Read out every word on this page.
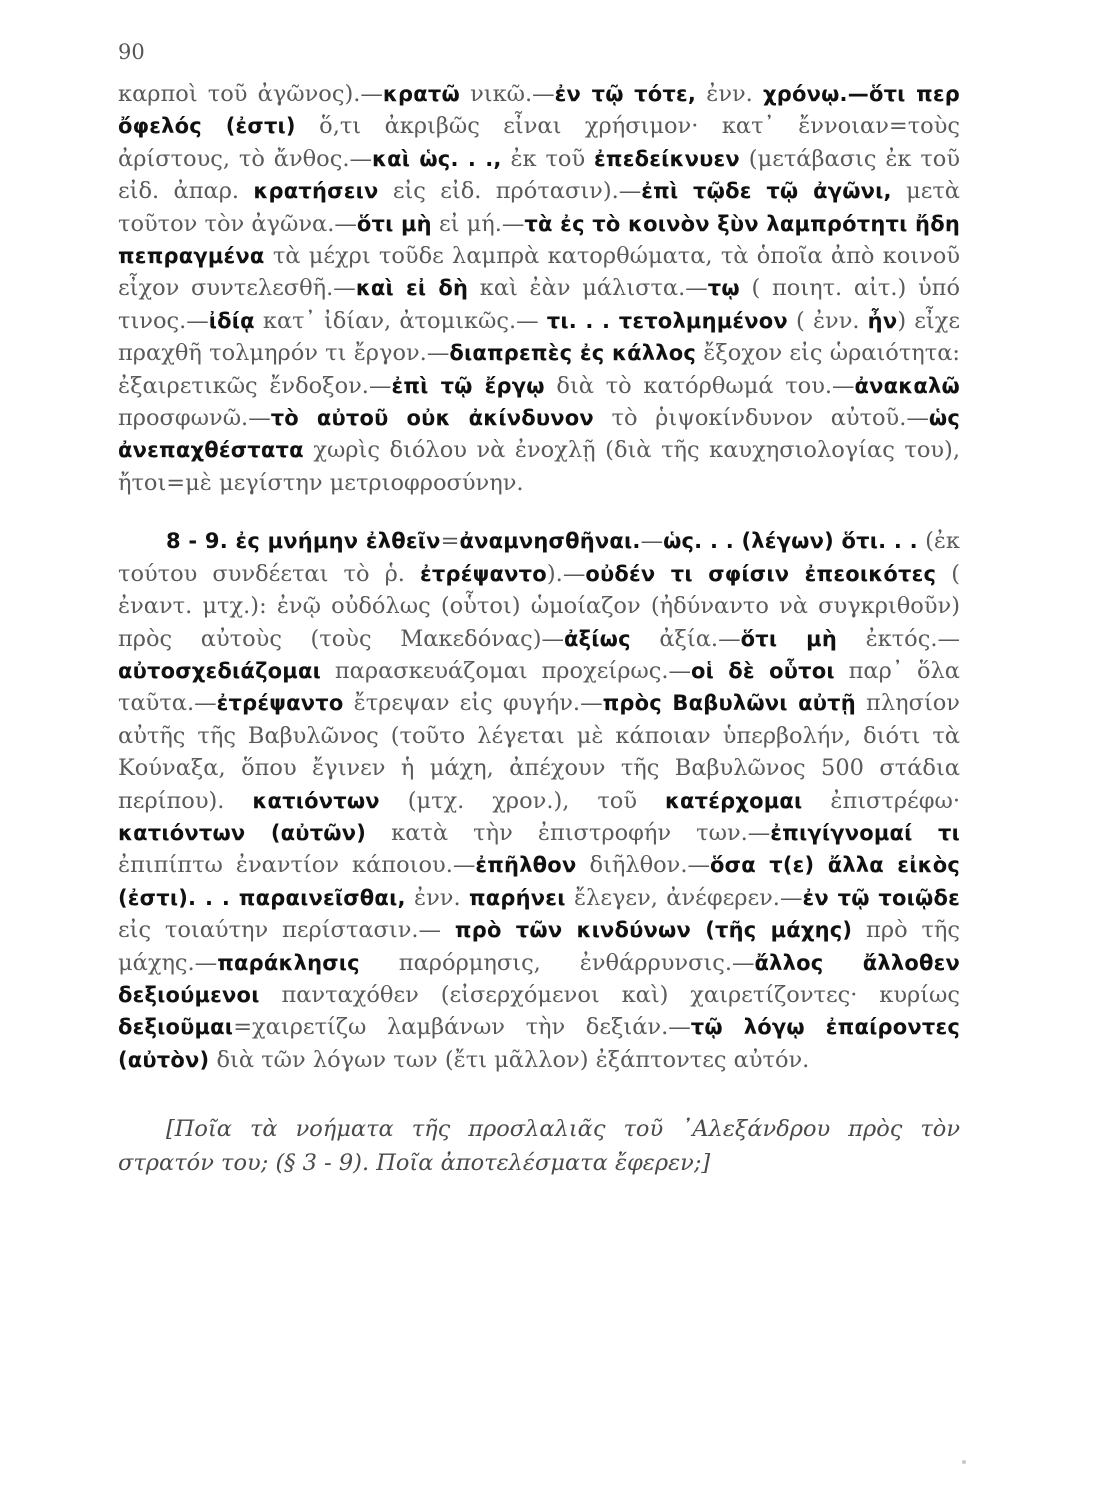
90

καρποὶ τοῦ ἀγῶνος).—κρατῶ νικῶ.—ἐν τῷ τότε, ἐνν. χρόνῳ.—ὅτι περ ὄφελός (ἐστι) ὅ,τι ἀκριβῶς εἶναι χρήσιμον· κατ᾽ ἔννοιαν=τοὺς ἀρίστους, τὸ ἄνθος.—καὶ ὡς. . ., ἐκ τοῦ ἐπεδείκνυεν (μετάβασις ἐκ τοῦ εἰδ. ἀπαρ. κρατήσειν εἰς εἰδ. πρότασιν).—ἐπὶ τῷδε τῷ ἀγῶνι, μετὰ τοῦτον τὸν ἀγῶνα.—ὅτι μὴ εἰ μή.—τὰ ἐς τὸ κοινὸν ξὺν λαμπρότητι ἤδη πεπραγμένα τὰ μέχρι τοῦδε λαμπρὰ κατορθώματα, τὰ ὁποῖα ἀπὸ κοινοῦ εἶχον συντελεσθῆ.—καὶ εἰ δὴ καὶ ἐὰν μάλιστα.—τῳ ( ποιητ. αἰτ.) ὑπό τινος.—ἰδίᾳ κατ᾽ ἰδίαν, ἀτομικῶς.— τι. . . τετολμημένον ( ἐνν. ἦν) εἶχε πραχθῆ τολμηρόν τι ἔργον.—διαπρεπὲς ἐς κάλλος ἔξοχον εἰς ὡραιότητα: ἐξαιρετικῶς ἔνδοξον.—ἐπὶ τῷ ἔργῳ διὰ τὸ κατόρθωμά του.—ἀνακαλῶ προσφωνῶ.—τὸ αὐτοῦ οὐκ ἀκίνδυνον τὸ ῥιψοκίνδυνον αὐτοῦ.—ὡς ἀνεπαχθέστατα χωρὶς διόλου νὰ ἐνοχλῇ (διὰ τῆς καυχησιολογίας του), ἤτοι=μὲ μεγίστην μετριοφροσύνην.

8 - 9. ἐς μνήμην ἐλθεῖν=ἀναμνησθῆναι.—ὡς. . . (λέγων) ὅτι. . . (ἐκ τούτου συνδέεται τὸ ῥ. ἐτρέψαντο).—οὐδέν τι σφίσιν ἐπεοικότες ( ἐναντ. μτχ.): ἐνῷ οὐδόλως (οὗτοι) ὡμοίαζον (ἠδύναντο νὰ συγκριθοῦν) πρὸς αὐτοὺς (τοὺς Μακεδόνας)—ἀξίως ἀξία.—ὅτι μὴ ἐκτός.—αὐτοσχεδιάζομαι παρασκευάζομαι προχείρως.—οἱ δὲ οὗτοι παρ᾽ ὅλα ταῦτα.—ἐτρέψαντο ἔτρεψαν εἰς φυγήν.—πρὸς Βαβυλῶνι αὐτῇ πλησίον αὐτῆς τῆς Βαβυλῶνος (τοῦτο λέγεται μὲ κάποιαν ὑπερβολήν, διότι τὰ Κούναξα, ὅπου ἔγινεν ἡ μάχη, ἀπέχουν τῆς Βαβυλῶνος 500 στάδια περίπου). κατιόντων (μτχ. χρον.), τοῦ κατέρχομαι ἐπιστρέφω· κατιόντων (αὐτῶν) κατὰ τὴν ἐπιστροφήν των.—ἐπιγίγνομαί τι ἐπιπίπτω ἐναντίον κάποιου.—ἐπῆλθον διῆλθον.—ὅσα τ(ε) ἄλλα εἰκὸς (ἐστι). . . παραινεῖσθαι, ἐνν. παρήνει ἔλεγεν, ἀνέφερεν.—ἐν τῷ τοιῷδε εἰς τοιαύτην περίστασιν.— πρὸ τῶν κινδύνων (τῆς μάχης) πρὸ τῆς μάχης.—παράκλησις παρόρμησις, ἐνθάρρυνσις.—ἄλλος ἄλλοθεν δεξιούμενοι πανταχόθεν (εἰσερχόμενοι καὶ) χαιρετίζοντες· κυρίως δεξιοῦμαι=χαιρετίζω λαμβάνων τὴν δεξιάν.—τῷ λόγῳ ἐπαίροντες (αὐτὸν) διὰ τῶν λόγων των (ἔτι μᾶλλον) ἐξάπτοντες αὐτόν.

[Ποῖα τὰ νοήματα τῆς προσλαλιᾶς τοῦ ᾽Αλεξάνδρου πρὸς τὸν στρατόν του; (§ 3 - 9). Ποῖα ἀποτελέσματα ἔφερεν;]
